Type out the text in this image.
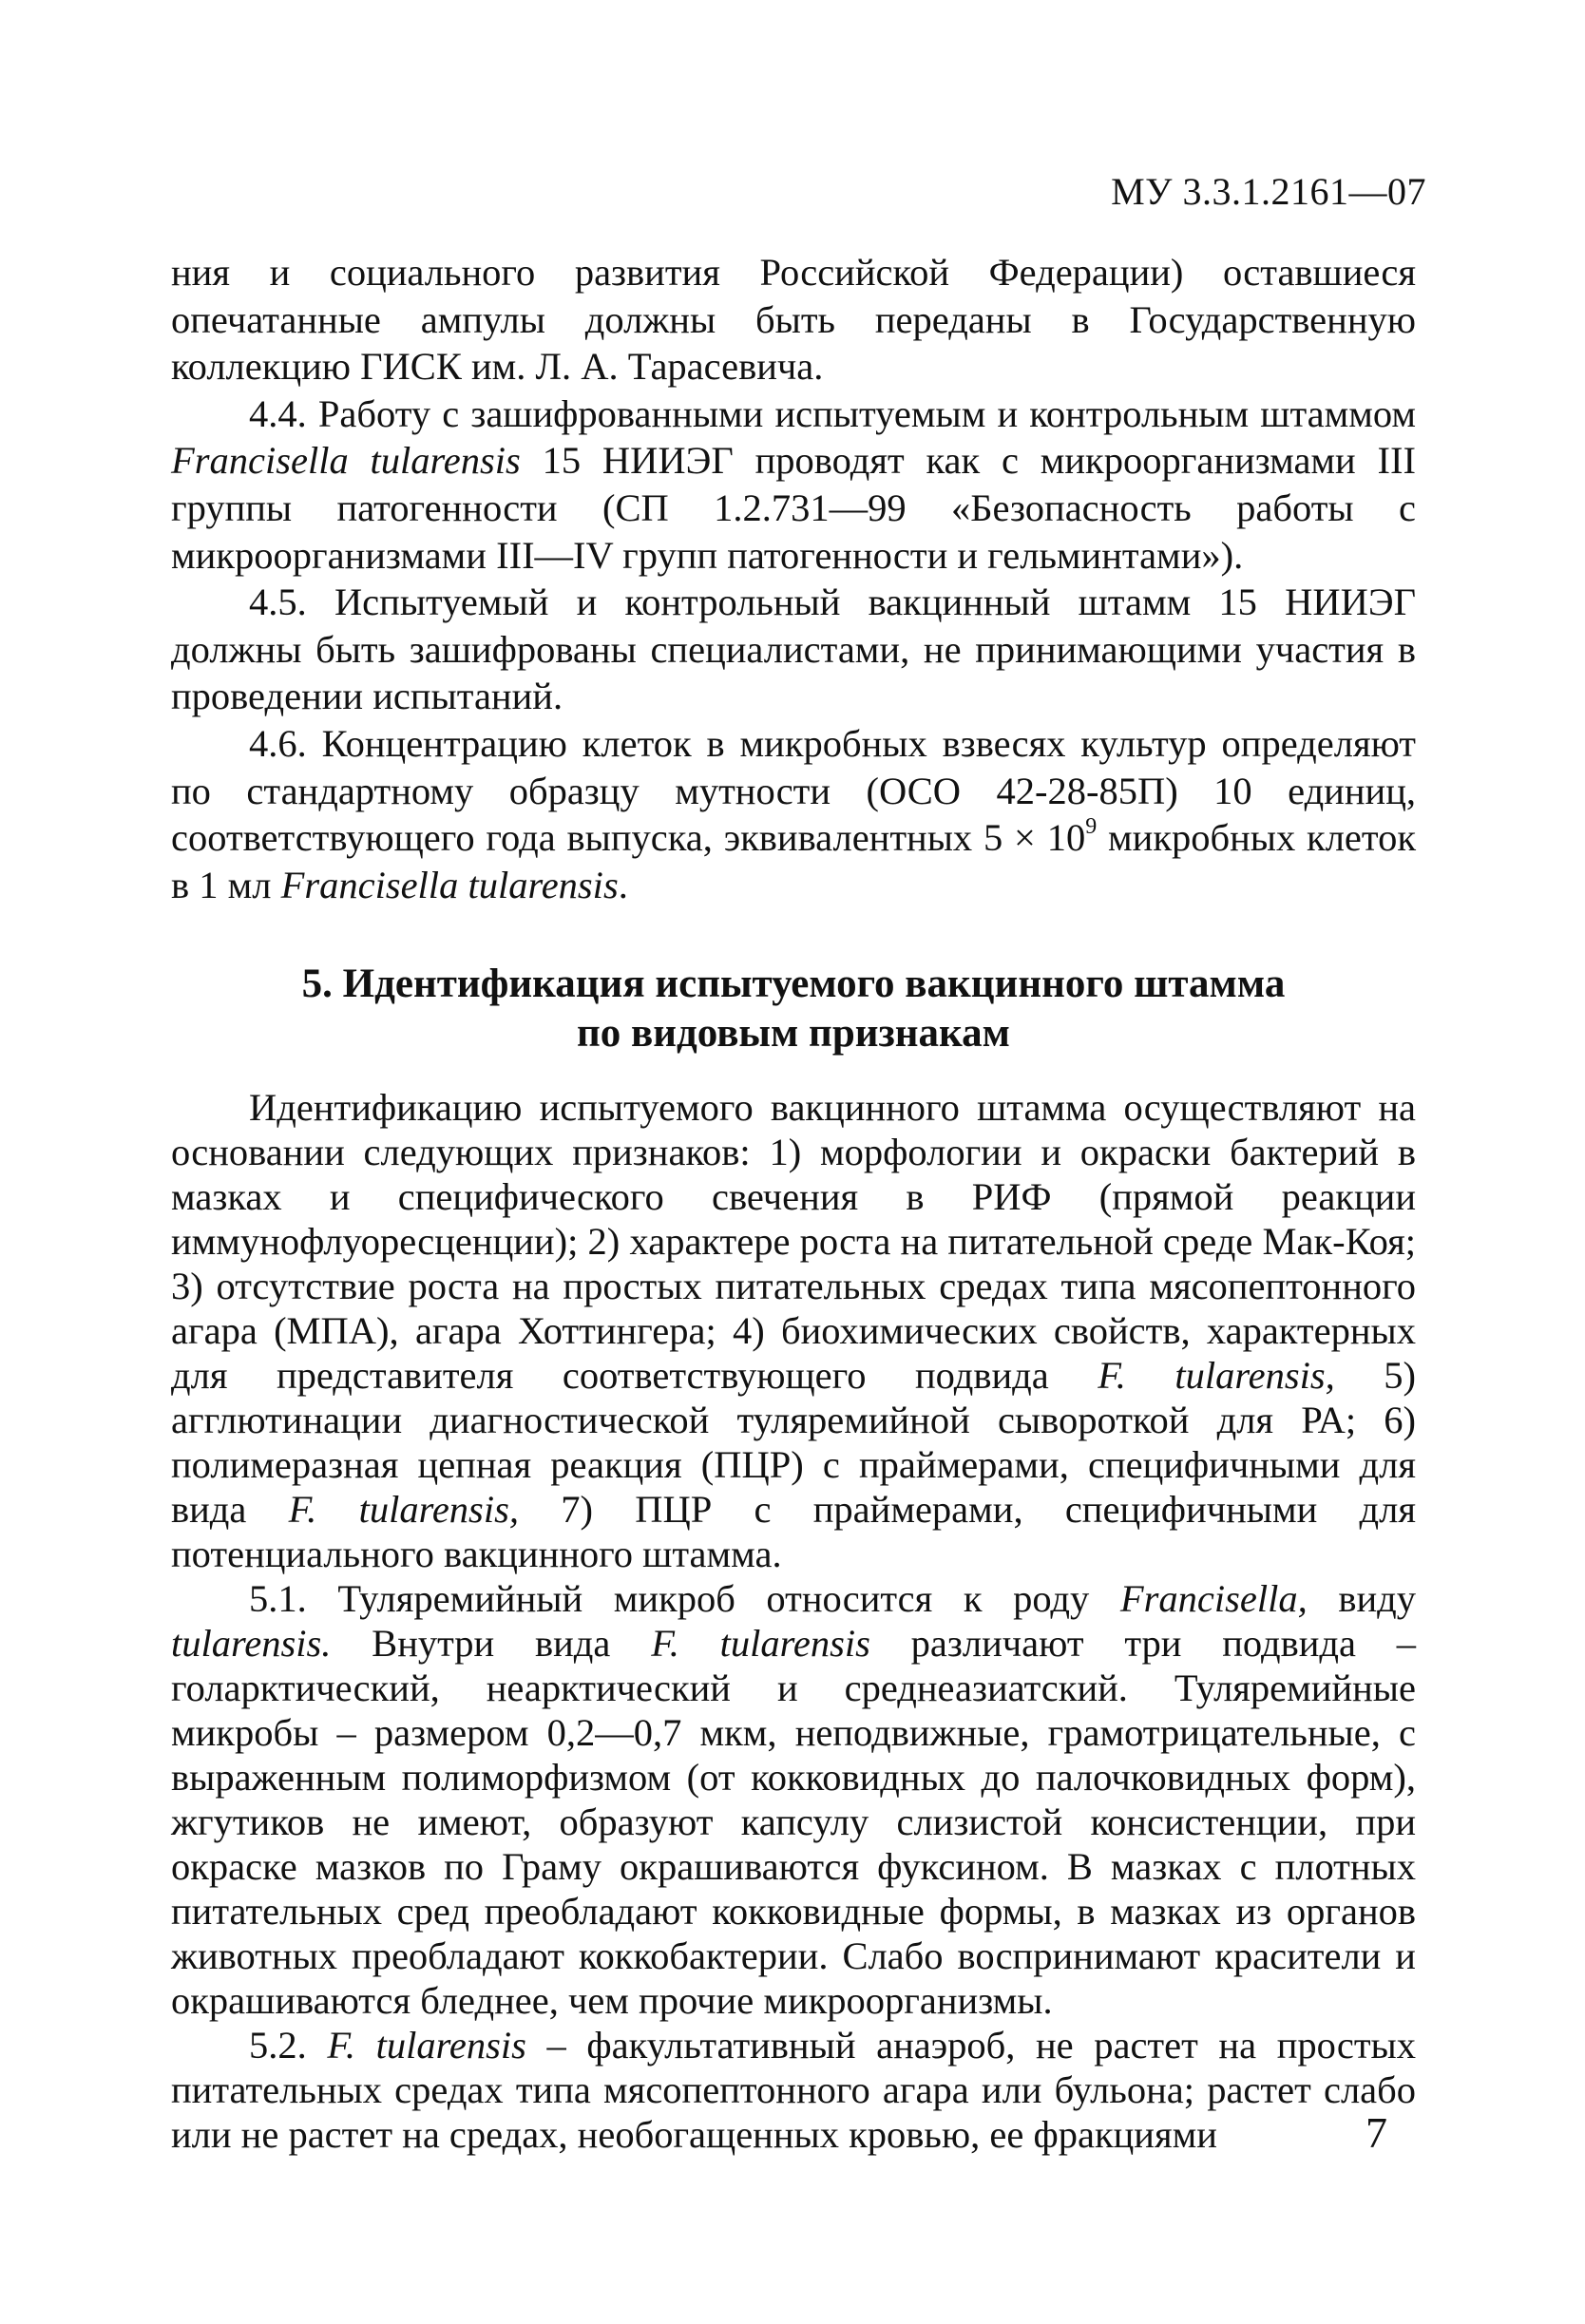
МУ 3.3.1.2161—07

ния и социального развития Российской Федерации) оставшиеся опечатанные ампулы должны быть переданы в Государственную коллекцию ГИСК им. Л. А. Тарасевича.

4.4. Работу с зашифрованными испытуемым и контрольным штаммом Francisella tularensis 15 НИИЭГ проводят как с микроорганизмами III группы патогенности (СП 1.2.731—99 «Безопасность работы с микроорганизмами III—IV групп патогенности и гельминтами»).

4.5. Испытуемый и контрольный вакцинный штамм 15 НИИЭГ должны быть зашифрованы специалистами, не принимающими участия в проведении испытаний.

4.6. Концентрацию клеток в микробных взвесях культур определяют по стандартному образцу мутности (ОСО 42-28-85П) 10 единиц, соответствующего года выпуска, эквивалентных $5 \times 10^9$ микробных клеток в 1 мл Francisella tularensis.

5. Идентификация испытуемого вакцинного штамма
по видовым признакам

Идентификацию испытуемого вакцинного штамма осуществляют на основании следующих признаков: 1) морфологии и окраски бактерий в мазках и специфического свечения в РИФ (прямой реакции иммунофлуоресценции); 2) характере роста на питательной среде Мак-Коя; 3) отсутствие роста на простых питательных средах типа мясопептонного агара (МПА), агара Хоттингера; 4) биохимических свойств, характерных для представителя соответствующего подвида F. tularensis, 5) агглютинации диагностической туляремийной сывороткой для РА; 6) полимеразная цепная реакция (ПЦР) с праймерами, специфичными для вида F. tularensis, 7) ПЦР с праймерами, специфичными для потенциального вакцинного штамма.

5.1. Туляремийный микроб относится к роду Francisella, виду tularensis. Внутри вида F. tularensis различают три подвида – голарктический, неарктический и среднеазиатский. Туляремийные микробы – размером 0,2—0,7 мкм, неподвижные, грамотрицательные, с выраженным полиморфизмом (от кокковидных до палочковидных форм), жгутиков не имеют, образуют капсулу слизистой консистенции, при окраске мазков по Граму окрашиваются фуксином. В мазках с плотных питательных сред преобладают кокковидные формы, в мазках из органов животных преобладают коккобактерии. Слабо воспринимают красители и окрашиваются бледнее, чем прочие микроорганизмы.

5.2. F. tularensis – факультативный анаэроб, не растет на простых питательных средах типа мясопептонного агара или бульона; растет слабо или не растет на средах, необогащенных кровью, ее фракциями	7
